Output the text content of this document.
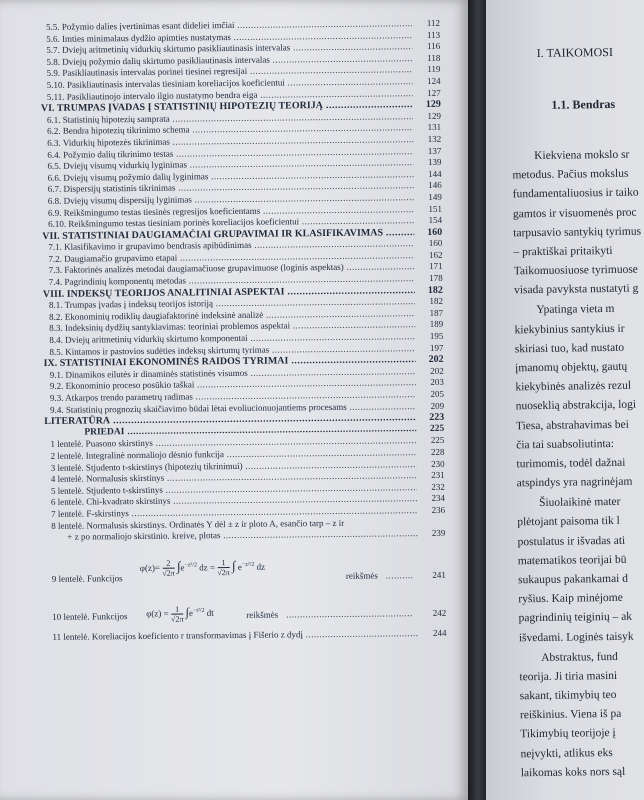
5.5. Požymio dalies įvertinimas esant dideliei imčiai .....	112
5.6. Imties minimalaus dydžio apimties nustatymas .....	113
5.7. Dviejų aritmetinių vidurkių skirtumo pasikliautinasis intervalas .....	116
5.8. Dviejų požymio dalių skirtumo pasikliautinasis intervalas .....	118
5.9. Pasikliautinasis intervalas porinei tiesinei regresijai .....	119
5.10. Pasikliautinasis intervalas tiesiniam koreliacijos koeficientui .....	124
5.11. Pasikliautinojo intervalo ilgio nustatymo bendra eiga .....	127
VI. TRUMPAS ĮVADAS Į STATISTINIŲ HIPOTEZIŲ TEORIJĄ .....	129
6.1. Statistinių hipotezių samprata .....	129
6.2. Bendra hipotezių tikrinimo schema .....	131
6.3. Vidurkių hipotezės tikrinimas .....	132
6.4. Požymio dalių tikrinimo testas .....	137
6.5. Dviejų visumų vidurkių lyginimas .....	139
6.6. Dviejų visumų požymio dalių lyginimas .....	144
6.7. Dispersijų statistinis tikrinimas .....	146
6.8. Dviejų visumų dispersijų lyginimas .....	149
6.9. Reikšmingumo testas tiesinės regresijos koeficientams .....	151
6.10. Reikšmingumo testas tiesiniam porinės koreliacijos koeficientui .....	154
VII. STATISTINIAI DAUGIAMAČIAI GRUPAVIMAI IR KLASIFIKAVIMAS .....	160
7.1. Klasifikavimo ir grupavimo bendrasis apibūdinimas .....	160
7.2. Daugiamačio grupavimo etapai .....	162
7.3. Faktorinės analizės metodai daugiamačiuose grupavimuose (loginis aspektas) .....	171
7.4. Pagrindinių komponentų metodas .....	178
VIII. INDEKSŲ TEORIJOS ANALITINIAI ASPEKTAI .....	182
8.1. Trumpas įvadas į indeksų teorijos istoriją .....	182
8.2. Ekonominių rodiklių daugiafaktorinė indeksinė analizė .....	187
8.3. Indeksinių dydžių santykiavimas: teoriniai problemos aspektai .....	189
8.4. Dviejų aritmetinių vidurkių skirtumo komponentai .....	195
8.5. Kintamos ir pastovios sudėties indeksų skirtumų tyrimas .....	197
IX. STATISTINIAI EKONOMINĖS RAIDOS TYRIMAI .....	202
9.1. Dinamikos eilutės ir dinaminės statistinės visumos .....	202
9.2. Ekonominio proceso posūkio taškai .....	203
9.3. Atkarpos trendo parametrų radimas .....	205
9.4. Statistinių prognozių skaičiavimo būdai lėtai evoliucionuojantiems procesams .....	209
LITERATŪRA .....	223
PRIEDAI .....	225
1 lentelė. Puasono skirstinys .....	225
2 lentelė. Integralinė normaliojo dėsnio funkcija .....	228
3 lentelė. Stjudento t-skirstinys (hipotezių tikrinimui) .....	230
4 lentelė. Normalusis skirstinys .....	231
5 lentelė. Stjudento t-skirstinys .....	232
6 lentelė. Chi-kvadrato skirstinys .....	234
7 lentelė. F-skirstinys .....	236
8 lentelė. Normalusis skirstinys. Ordinatės Y dėl ± z ir ploto A, esančio tarp – z ir
+ z po normaliojo skirstinio. kreive, plotas .....	239
9 lentelė. Funkcijos
$\varphi(z)= \frac{2}{√2\pi} \int e^{-z^2/2}$ dz = $\frac{1}{√2\pi}$ ∫ $e^{-z^2/2}$ dz
reikšmės .......... 241
10 lentelė. Funkcijos $\varphi(z) = \frac{1}{√2\pi} \int e^{-t^2/2}$ dt	reikšmės .............................................. 242
11 lentelė. Koreliacijos koeficiento r transformavimas į Fišerio z dydį .....	244
I. TAIKOMOSI
1.1. Bendras
Kiekviena mokslo sr
metodus. Pačius mokslus
fundamentaliuosius ir taiko
gamtos ir visuomenės proc
tarpusavio santykių tyrimus
– praktiškai pritaikyti
Taikomuosiuose tyrimuose
visada pavyksta nustatyti g
Ypatinga vieta m
kiekybinius santykius ir
skiriasi tuo, kad nustato
įmanomų objektų, gautų
kiekybinės analizės rezul
nuoseklią abstrakcija, logi
Tiesa, abstrahavimas bei
čia tai suabsoliutinta:
turimomis, todėl dažnai
atspindys yra nagrinėjam
Šiuolaikinė mater
plėtojant paisoma tik l
postulatus ir išvadas ati
matematikos teorijai bū
sukaupus pakankamai d
ryšius. Kaip minėjome
pagrindinių teiginių – ak
išvedami. Loginės taisyk
Abstraktus, fund
teorija. Ji tiria masini
sakant, tikimybių teo
reiškinius. Viena iš pa
Tikimybių teorijoje į
neįvykti, atlikus eks
laikomas koks nors sąl
